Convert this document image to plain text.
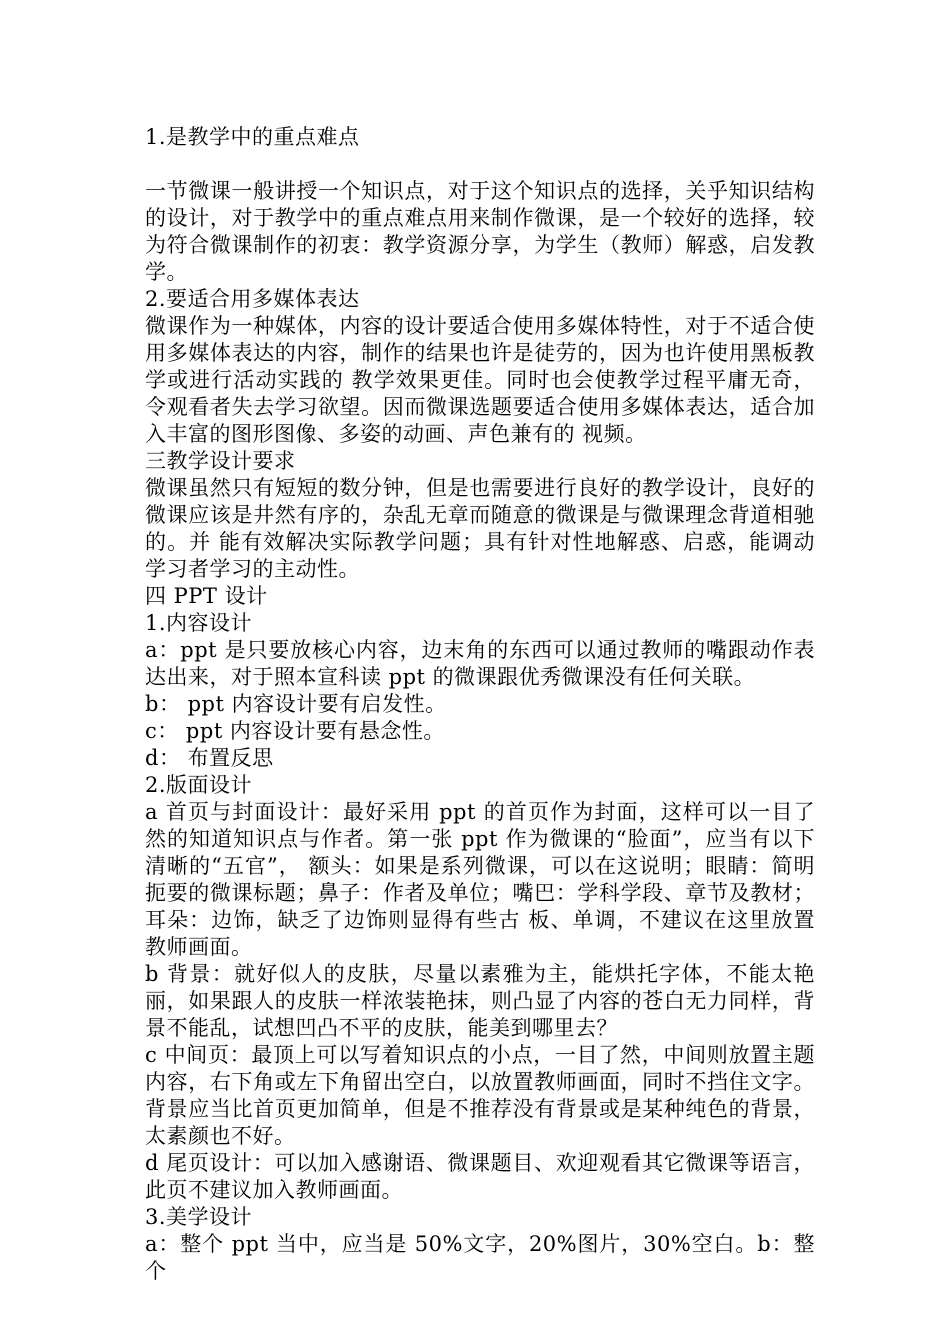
1.是教学中的重点难点

一节微课一般讲授一个知识点，对于这个知识点的选择，关乎知识结构的设计，对于教学中的重点难点用来制作微课，是一个较好的选择，较为符合微课制作的初衷：教学资源分享，为学生（教师）解惑，启发教学。

2.要适合用多媒体表达

微课作为一种媒体，内容的设计要适合使用多媒体特性，对于不适合使用多媒体表达的内容，制作的结果也许是徒劳的，因为也许使用黑板教学或进行活动实践的 教学效果更佳。同时也会使教学过程平庸无奇，令观看者失去学习欲望。因而微课选题要适合使用多媒体表达，适合加入丰富的图形图像、多姿的动画、声色兼有的 视频。

三教学设计要求

微课虽然只有短短的数分钟，但是也需要进行良好的教学设计，良好的微课应该是井然有序的，杂乱无章而随意的微课是与微课理念背道相驰的。并 能有效解决实际教学问题；具有针对性地解惑、启惑，能调动学习者学习的主动性。

四 PPT 设计

1.内容设计

a：ppt 是只要放核心内容，边末角的东西可以通过教师的嘴跟动作表达出来，对于照本宣科读 ppt 的微课跟优秀微课没有任何关联。

b： ppt 内容设计要有启发性。

c： ppt 内容设计要有悬念性。

d： 布置反思

2.版面设计

a 首页与封面设计：最好采用 ppt 的首页作为封面，这样可以一目了然的知道知识点与作者。第一张 ppt 作为微课的“脸面”，应当有以下清晰的“五官”， 额头：如果是系列微课，可以在这说明；眼睛：简明扼要的微课标题；鼻子：作者及单位；嘴巴：学科学段、章节及教材；耳朵：边饰，缺乏了边饰则显得有些古 板、单调，不建议在这里放置教师画面。

b 背景：就好似人的皮肤，尽量以素雅为主，能烘托字体，不能太艳丽，如果跟人的皮肤一样浓装艳抹，则凸显了内容的苍白无力同样，背景不能乱，试想凹凸不平的皮肤，能美到哪里去？

c 中间页：最顶上可以写着知识点的小点，一目了然，中间则放置主题内容，右下角或左下角留出空白，以放置教师画面，同时不挡住文字。背景应当比首页更加简单，但是不推荐没有背景或是某种纯色的背景，太素颜也不好。

d 尾页设计：可以加入感谢语、微课题目、欢迎观看其它微课等语言，此页不建议加入教师画面。

3.美学设计

a：整个 ppt 当中，应当是 50%文字，20%图片，30%空白。b：整个
